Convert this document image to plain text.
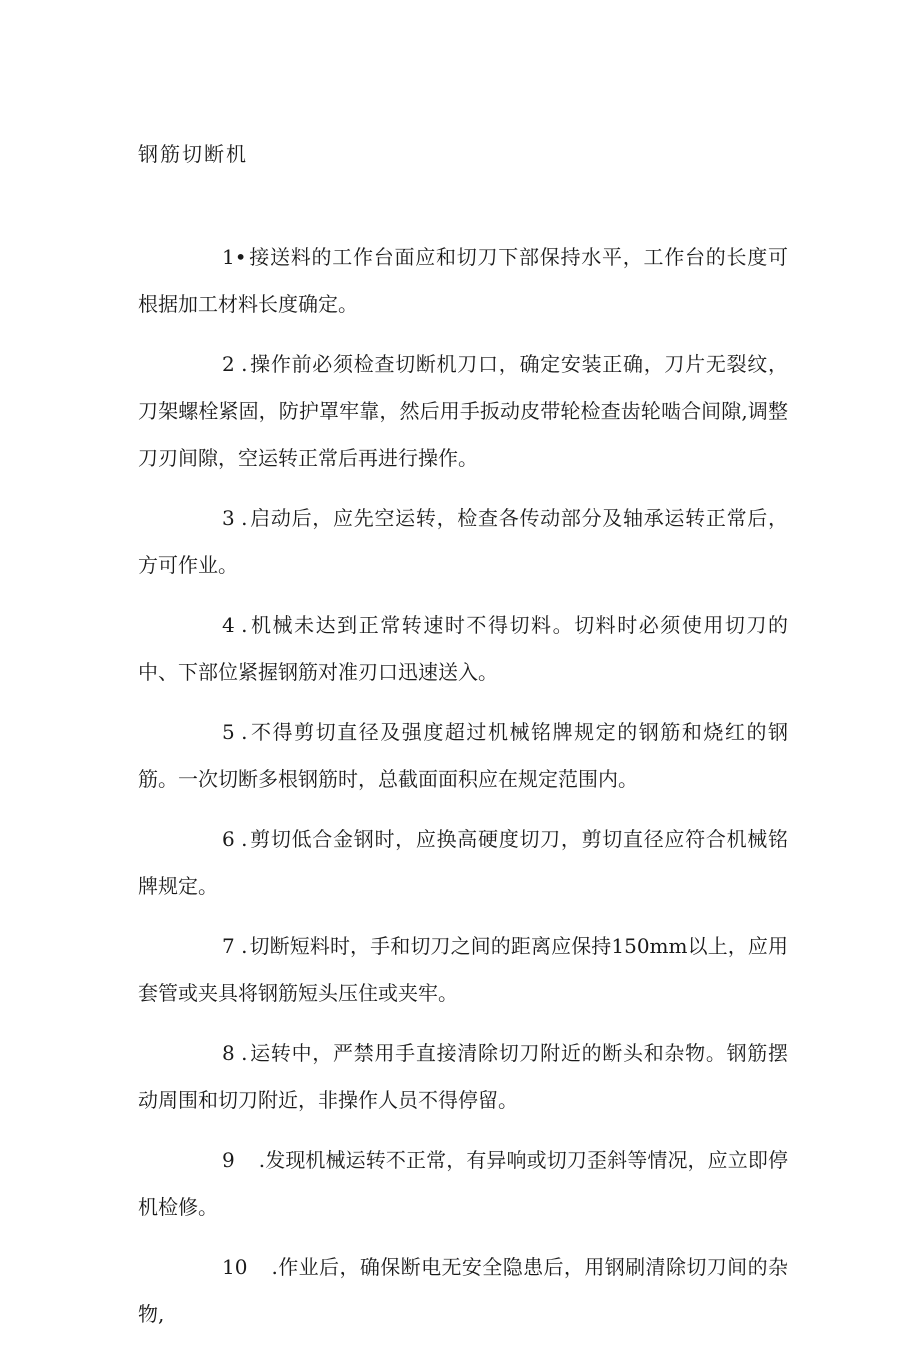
钢筋切断机

1• 接送料的工作台面应和切刀下部保持水平，工作台的长度可根据加工材料长度确定。

2 . 操作前必须检查切断机刀口，确定安装正确，刀片无裂纹，刀架螺栓紧固，防护罩牢靠，然后用手扳动皮带轮检查齿轮啮合间隙,调整刀刃间隙，空运转正常后再进行操作。

3 . 启动后，应先空运转，检查各传动部分及轴承运转正常后，方可作业。

4 . 机械未达到正常转速时不得切料。切料时必须使用切刀的中、下部位紧握钢筋对准刃口迅速送入。

5 . 不得剪切直径及强度超过机械铭牌规定的钢筋和烧红的钢筋。一次切断多根钢筋时，总截面面积应在规定范围内。

6 . 剪切低合金钢时，应换高硬度切刀，剪切直径应符合机械铭牌规定。

7 . 切断短料时，手和切刀之间的距离应保持150mm以上，应用套管或夹具将钢筋短头压住或夹牢。

8 . 运转中，严禁用手直接清除切刀附近的断头和杂物。钢筋摆动周围和切刀附近，非操作人员不得停留。

9 .发现机械运转不正常，有异响或切刀歪斜等情况，应立即停机检修。

10 .作业后，确保断电无安全隐患后，用钢刷清除切刀间的杂物,
